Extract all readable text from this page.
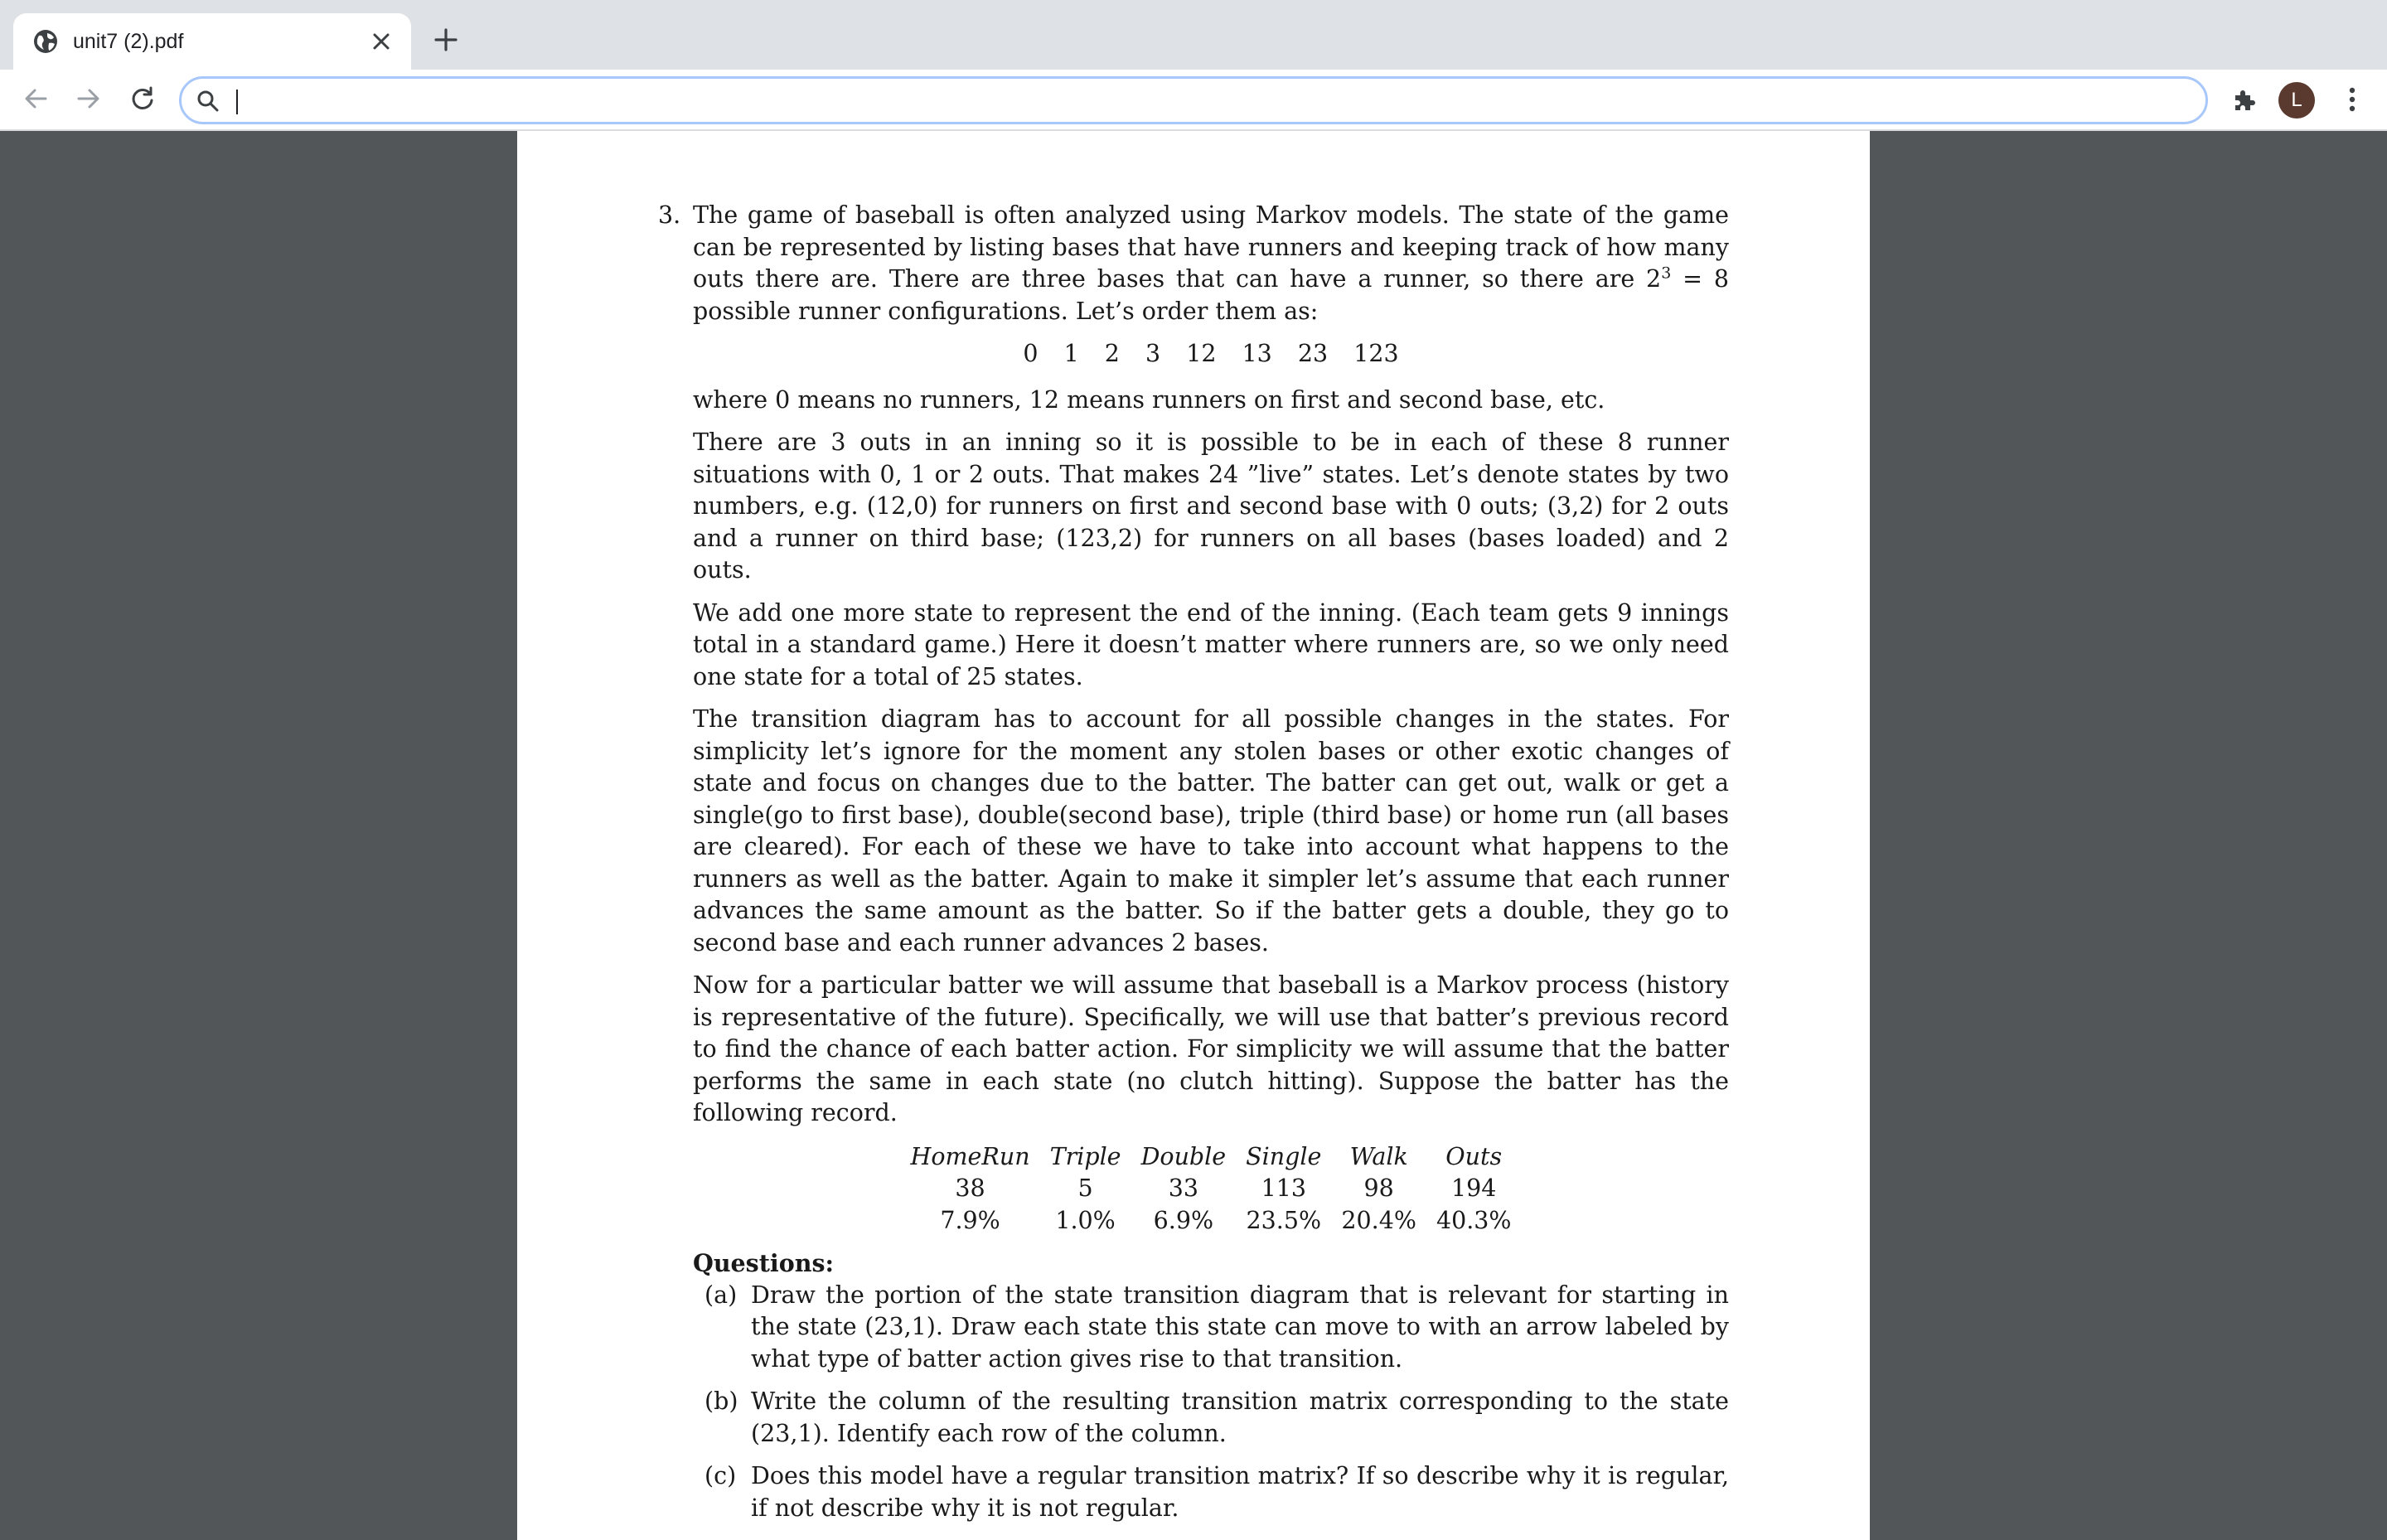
unit7 (2).pdf
L
3. The game of baseball is often analyzed using Markov models. The state of the game can be represented by listing bases that have runners and keeping track of how many outs there are. There are three bases that can have a runner, so there are $2^3 = 8$ possible runner configurations. Let’s order them as:

0 1 2 3 12 13 23 123

where 0 means no runners, 12 means runners on first and second base, etc.

There are 3 outs in an inning so it is possible to be in each of these 8 runner situations with 0, 1 or 2 outs. That makes 24 ”live” states. Let’s denote states by two numbers, e.g. (12,0) for runners on first and second base with 0 outs; (3,2) for 2 outs and a runner on third base; (123,2) for runners on all bases (bases loaded) and 2 outs.

We add one more state to represent the end of the inning. (Each team gets 9 innings total in a standard game.) Here it doesn’t matter where runners are, so we only need one state for a total of 25 states.

The transition diagram has to account for all possible changes in the states. For simplicity let’s ignore for the moment any stolen bases or other exotic changes of state and focus on changes due to the batter. The batter can get out, walk or get a single(go to first base), double(second base), triple (third base) or home run (all bases are cleared). For each of these we have to take into account what happens to the runners as well as the batter. Again to make it simpler let’s assume that each runner advances the same amount as the batter. So if the batter gets a double, they go to second base and each runner advances 2 bases.

Now for a particular batter we will assume that baseball is a Markov process (history is representative of the future). Specifically, we will use that batter’s previous record to find the chance of each batter action. For simplicity we will assume that the batter performs the same in each state (no clutch hitting). Suppose the batter has the following record.

HomeRun	Triple	Double	Single	Walk	Outs
38	5	33	113	98	194
7.9%	1.0%	6.9%	23.5%	20.4%	40.3%

Questions:

(a) Draw the portion of the state transition diagram that is relevant for starting in the state (23,1). Draw each state this state can move to with an arrow labeled by what type of batter action gives rise to that transition.
(b) Write the column of the resulting transition matrix corresponding to the state (23,1). Identify each row of the column.
(c) Does this model have a regular transition matrix? If so describe why it is regular, if not describe why it is not regular.
